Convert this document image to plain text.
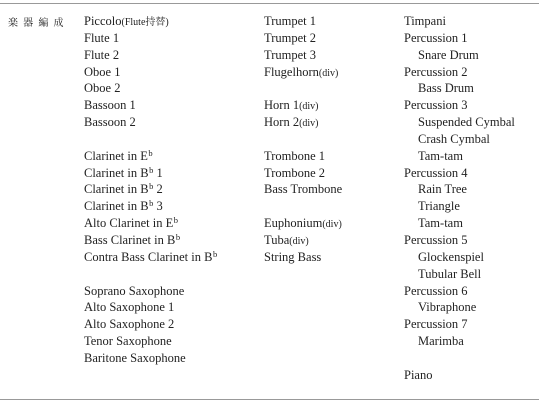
楽 器 編 成 Piccolo(Flute持替)
Flute 1
Flute 2
Oboe 1
Oboe 2
Bassoon 1
Bassoon 2

Clarinet in $E^b$
Clarinet in $B^b$ 1
Clarinet in $B^b$ 2
Clarinet in $B^b$ 3
Alto Clarinet in $E^b$
Bass Clarinet in $B^b$
Contra Bass Clarinet in $B^b$

Soprano Saxophone
Alto Saxophone 1
Alto Saxophone 2
Tenor Saxophone
Baritone Saxophone
Trumpet 1
Trumpet 2
Trumpet 3
Flugelhorn(div)

Horn 1(div)
Horn 2(div)

Trombone 1
Trombone 2
Bass Trombone

Euphonium(div)
Tuba(div)
String Bass
Timpani
Percussion 1
Snare Drum
Percussion 2
Bass Drum
Percussion 3
Suspended Cymbal
Crash Cymbal
Tam-tam
Percussion 4
Rain Tree
Triangle
Tam-tam
Percussion 5
Glockenspiel
Tubular Bell
Percussion 6
Vibraphone
Percussion 7
Marimba

Piano
